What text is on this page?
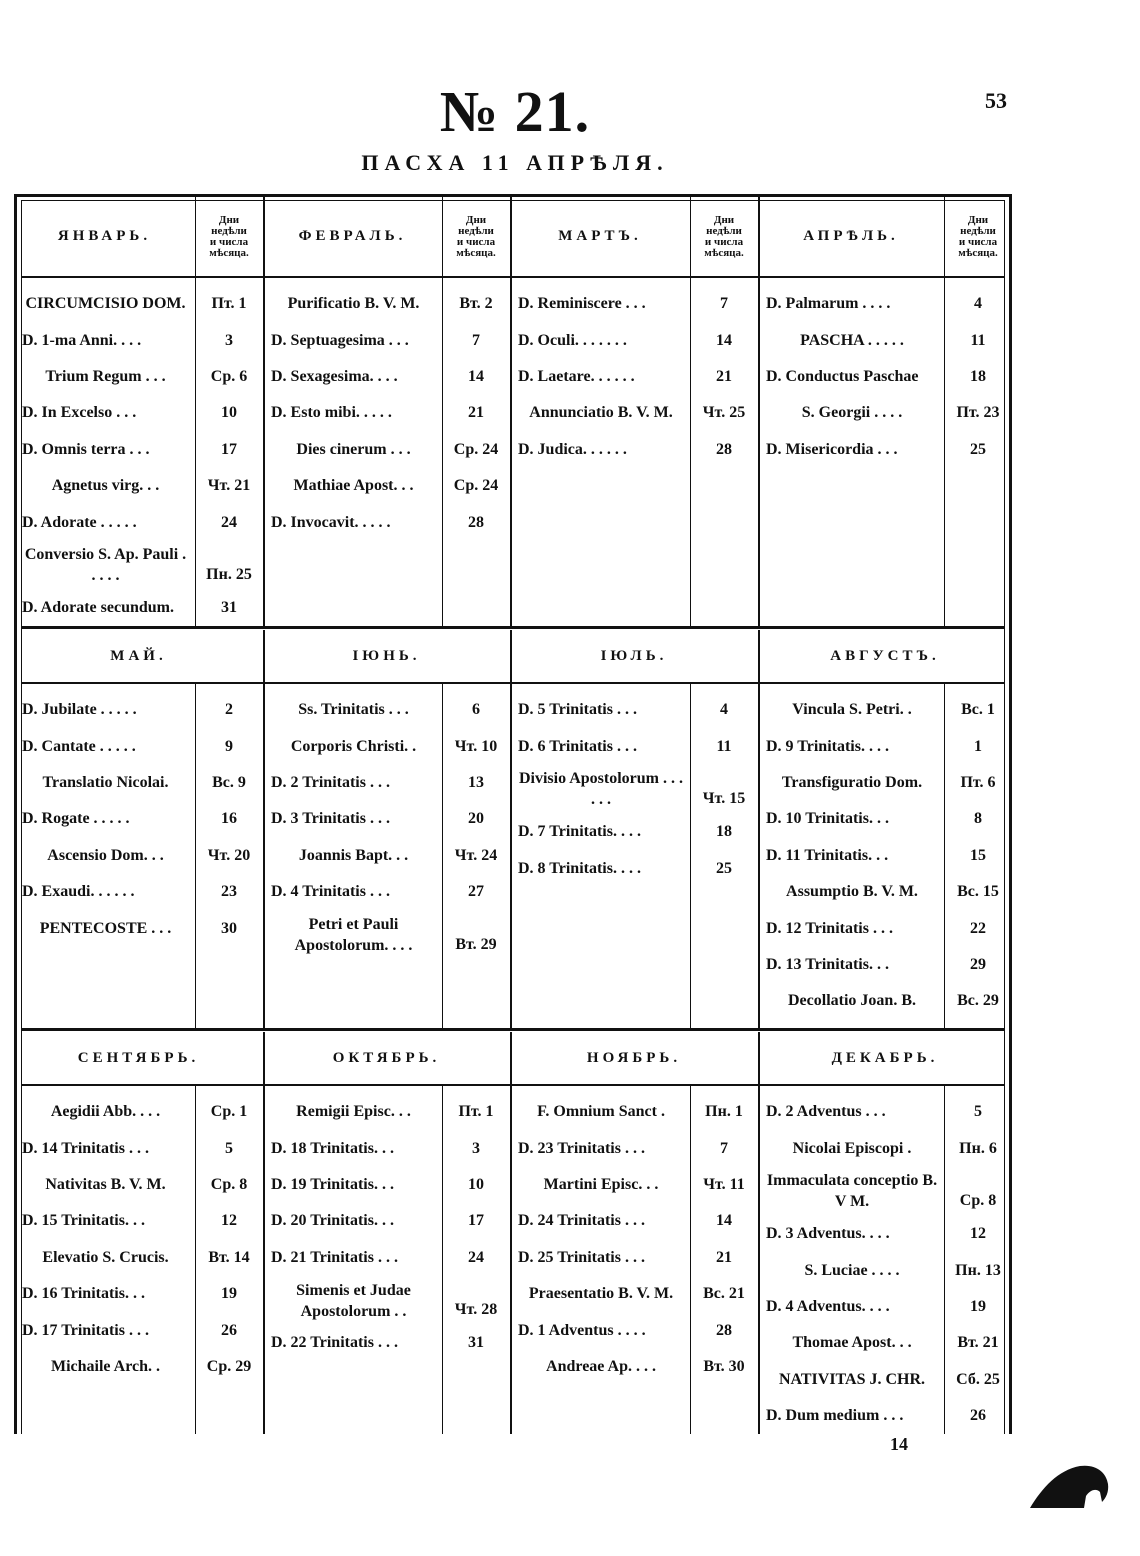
53
№ 21.
ПАСХА 11 АПРѢЛЯ.
ЯНВАРЬ.
Дни
недѣли
и числа
мѣсяца.
CIRCUMCISIO DOM.	Пт. 1
D. 1-ma Anni. . . .	3
Trium Regum . . .	Ср. 6
D. In Excelso . . .	10
D. Omnis terra . . .	17
Agnetus virg. . .	Чт. 21
D. Adorate . . . . .	24
Conversio S. Ap. Pauli . . . . .	Пн. 25
D. Adorate secundum.	31
ФЕВРАЛЬ.
Дни
недѣли
и числа
мѣсяца.
Purificatio B. V. M.	Вт. 2
D. Septuagesima . . .	7
D. Sexagesima. . . .	14
D. Esto mibi. . . . .	21
Dies cinerum . . .	Ср. 24
Mathiae Apost. . .	Ср. 24
D. Invocavit. . . . .	28
МАРТЪ.
Дни
недѣли
и числа
мѣсяца.
D. Reminiscere . . .	7
D. Oculi. . . . . . .	14
D. Laetare. . . . . .	21
Annunciatio B. V. M.	Чт. 25
D. Judica. . . . . .	28
АПРѢЛЬ.
Дни
недѣли
и числа
мѣсяца.
D. Palmarum . . . .	4
PASCHA . . . . .	11
D. Conductus Paschae	18
S. Georgii . . . .	Пт. 23
D. Misericordia . . .	25
МАЙ.
D. Jubilate . . . . .	2
D. Cantate . . . . .	9
Translatio Nicolai.	Вс. 9
D. Rogate . . . . .	16
Ascensio Dom. . .	Чт. 20
D. Exaudi. . . . . .	23
PENTECOSTE . . .	30
IЮНЬ.
Ss. Trinitatis . . .	6
Corporis Christi. .	Чт. 10
D. 2 Trinitatis . . .	13
D. 3 Trinitatis . . .	20
Joannis Bapt. . .	Чт. 24
D. 4 Trinitatis . . .	27
Petri et Pauli Apostolorum. . . .	Вт. 29
IЮЛЬ.
D. 5 Trinitatis . . .	4
D. 6 Trinitatis . . .	11
Divisio Apostolorum . . . . . .	Чт. 15
D. 7 Trinitatis. . . .	18
D. 8 Trinitatis. . . .	25
АВГУСТЪ.
Vincula S. Petri. .	Вс. 1
D. 9 Trinitatis. . . .	1
Transfiguratio Dom.	Пт. 6
D. 10 Trinitatis. . .	8
D. 11 Trinitatis. . .	15
Assumptio B. V. M.	Вс. 15
D. 12 Trinitatis . . .	22
D. 13 Trinitatis. . .	29
Decollatio Joan. B.	Вс. 29
СЕНТЯБРЬ.
Aegidii Abb. . . .	Ср. 1
D. 14 Trinitatis . . .	5
Nativitas B. V. M.	Ср. 8
D. 15 Trinitatis. . .	12
Elevatio S. Crucis.	Вт. 14
D. 16 Trinitatis. . .	19
D. 17 Trinitatis . . .	26
Michaile Arch. .	Ср. 29
ОКТЯБРЬ.
Remigii Episc. . .	Пт. 1
D. 18 Trinitatis. . .	3
D. 19 Trinitatis. . .	10
D. 20 Trinitatis. . .	17
D. 21 Trinitatis . . .	24
Simenis et Judae Apostolorum . .	Чт. 28
D. 22 Trinitatis . . .	31
НОЯБРЬ.
F. Omnium Sanct .	Пн. 1
D. 23 Trinitatis . . .	7
Martini Episc. . .	Чт. 11
D. 24 Trinitatis . . .	14
D. 25 Trinitatis . . .	21
Praesentatio B. V. M.	Вс. 21
D. 1 Adventus . . . .	28
Andreae Ap. . . .	Вт. 30
ДЕКАБРЬ.
D. 2 Adventus . . .	5
Nicolai Episcopi .	Пн. 6
Immaculata conceptio B. V M.	Ср. 8
D. 3 Adventus. . . .	12
S. Luciae . . . .	Пн. 13
D. 4 Adventus. . . .	19
Thomae Apost. . .	Вт. 21
NATIVITAS J. CHR.	Сб. 25
D. Dum medium . . .	26
14
